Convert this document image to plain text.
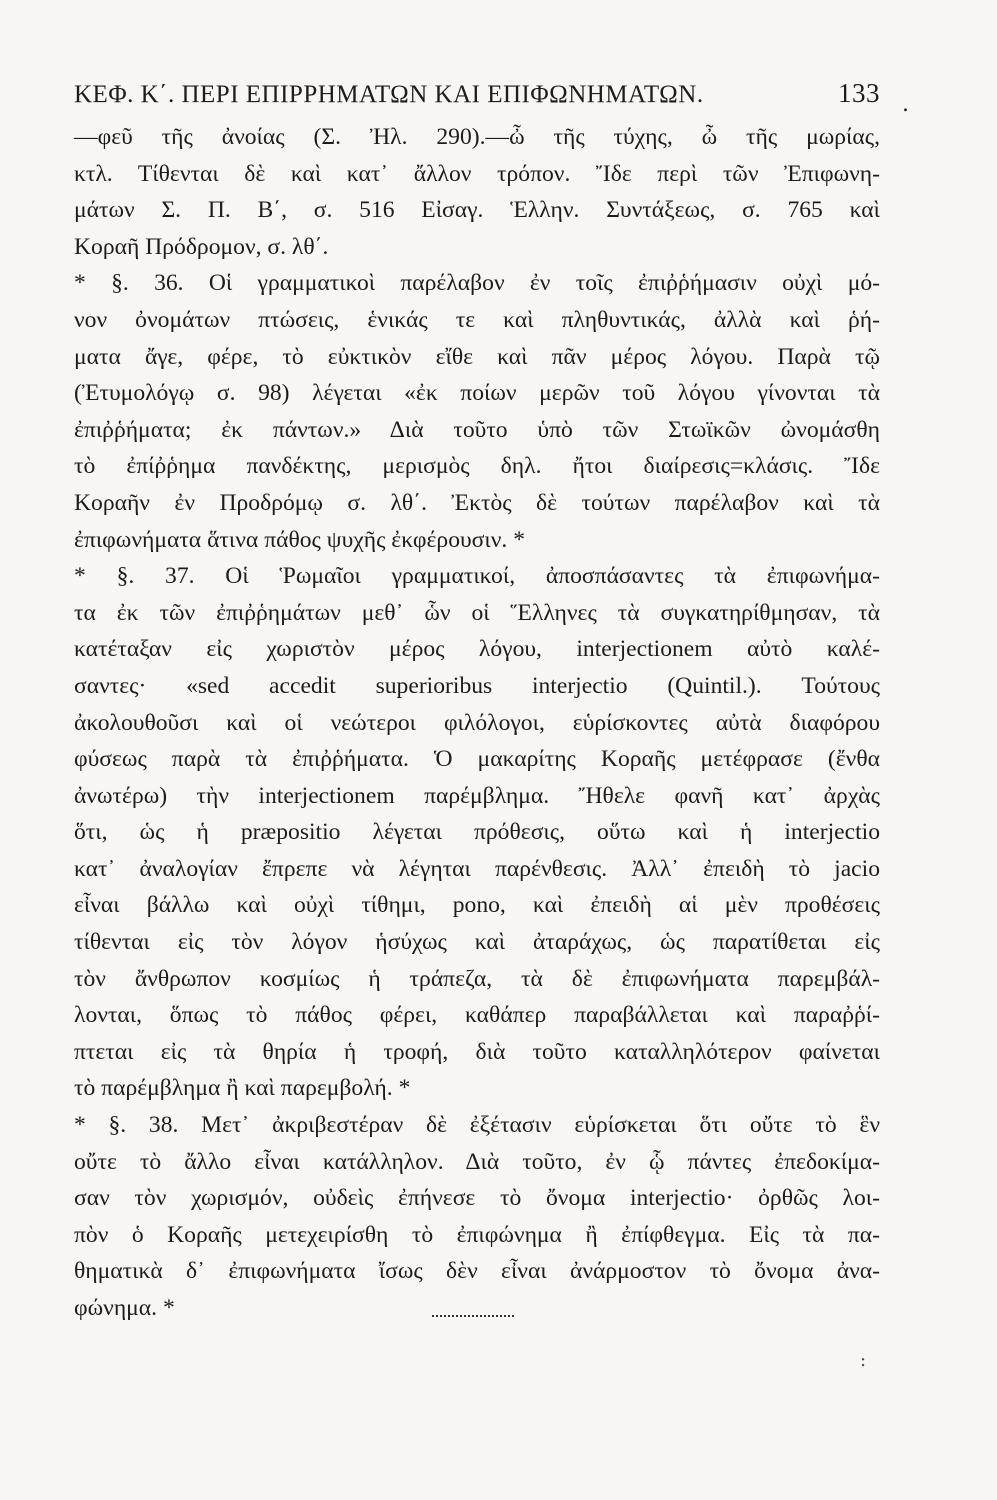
.
ΚΕΦ. Κ΄. ΠΕΡΙ ΕΠΙΡΡΗΜΑΤΩΝ ΚΑΙ ΕΠΙΦΩΝΗΜΑΤΩΝ.	133
—φεῦ τῆς ἀνοίας (Σ. Ἠλ. 290).—ὦ τῆς τύχης, ὦ τῆς μωρίας,
κτλ. Τίθενται δὲ καὶ κατ᾽ ἄλλον τρόπον. Ἴδε περὶ τῶν Ἐπιφωνη-
μάτων Σ. Π. Β΄, σ. 516 Εἰσαγ. Ἑλλην. Συντάξεως, σ. 765 καὶ
Κοραῆ Πρόδρομον, σ. λθ΄.
* §. 36. Οἱ γραμματικοὶ παρέλαβον ἐν τοῖς ἐπιῤῥήμασιν οὐχὶ μό-
νον ὀνομάτων πτώσεις, ἑνικάς τε καὶ πληθυντικάς, ἀλλὰ καὶ ῥή-
ματα ἄγε, φέρε, τὸ εὐκτικὸν εἴθε καὶ πᾶν μέρος λόγου. Παρὰ τῷ
(Ἐτυμολόγῳ σ. 98) λέγεται «ἐκ ποίων μερῶν τοῦ λόγου γίνονται τὰ
ἐπιῤῥήματα; ἐκ πάντων.» Διὰ τοῦτο ὑπὸ τῶν Στωϊκῶν ὠνομάσθη
τὸ ἐπίῤῥημα πανδέκτης, μερισμὸς δηλ. ἤτοι διαίρεσις=κλάσις. Ἴδε
Κοραῆν ἐν Προδρόμῳ σ. λθ΄. Ἐκτὸς δὲ τούτων παρέλαβον καὶ τὰ
ἐπιφωνήματα ἅτινα πάθος ψυχῆς ἐκφέρουσιν. *
* §. 37. Οἱ Ῥωμαῖοι γραμματικοί, ἀποσπάσαντες τὰ ἐπιφωνήμα-
τα ἐκ τῶν ἐπιῤῥημάτων μεθ᾽ ὧν οἱ Ἕλληνες τὰ συγκατηρίθμησαν, τὰ
κατέταξαν εἰς χωριστὸν μέρος λόγου, interjectionem αὐτὸ καλέ-
σαντες· «sed accedit superioribus interjectio (Quintil.). Τούτους
ἀκολουθοῦσι καὶ οἱ νεώτεροι φιλόλογοι, εὑρίσκοντες αὐτὰ διαφόρου
φύσεως παρὰ τὰ ἐπιῤῥήματα. Ὁ μακαρίτης Κοραῆς μετέφρασε (ἔνθα
ἀνωτέρω) τὴν interjectionem παρέμβλημα. Ἤθελε φανῆ κατ᾽ ἀρχὰς
ὅτι, ὡς ἡ præpositio λέγεται πρόθεσις, οὕτω καὶ ἡ interjectio
κατ᾽ ἀναλογίαν ἔπρεπε νὰ λέγηται παρένθεσις. Ἀλλ᾽ ἐπειδὴ τὸ jacio
εἶναι βάλλω καὶ οὐχὶ τίθημι, pono, καὶ ἐπειδὴ αἱ μὲν προθέσεις
τίθενται εἰς τὸν λόγον ἡσύχως καὶ ἀταράχως, ὡς παρατίθεται εἰς
τὸν ἄνθρωπον κοσμίως ἡ τράπεζα, τὰ δὲ ἐπιφωνήματα παρεμβάλ-
λονται, ὅπως τὸ πάθος φέρει, καθάπερ παραβάλλεται καὶ παραῤῥί-
πτεται εἰς τὰ θηρία ἡ τροφή, διὰ τοῦτο καταλληλότερον φαίνεται
τὸ παρέμβλημα ἢ καὶ παρεμβολή. *
* §. 38. Μετ᾽ ἀκριβεστέραν δὲ ἐξέτασιν εὑρίσκεται ὅτι οὔτε τὸ ἓν
οὔτε τὸ ἄλλο εἶναι κατάλληλον. Διὰ τοῦτο, ἐν ᾧ πάντες ἐπεδοκίμα-
σαν τὸν χωρισμόν, οὐδεὶς ἐπήνεσε τὸ ὄνομα interjectio· ὀρθῶς λοι-
πὸν ὁ Κοραῆς μετεχειρίσθη τὸ ἐπιφώνημα ἢ ἐπίφθεγμα. Εἰς τὰ πα-
θηματικὰ δ᾽ ἐπιφωνήματα ἴσως δὲν εἶναι ἀνάρμοστον τὸ ὄνομα ἀνα-
φώνημα. *
:
